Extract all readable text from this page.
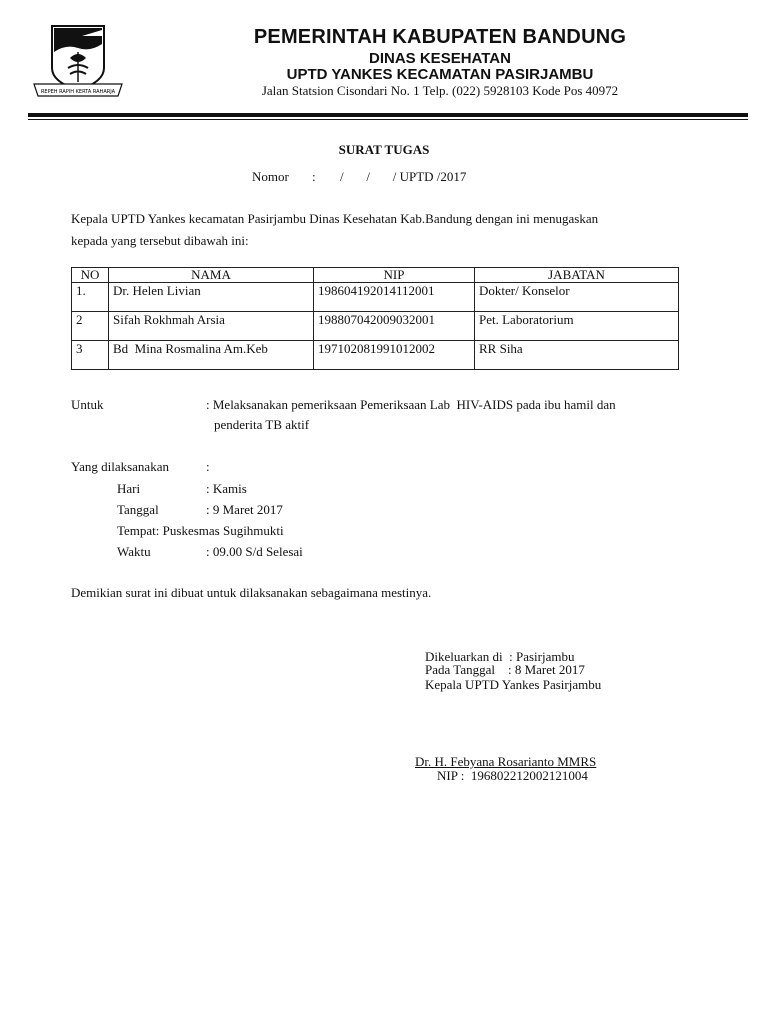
REPEH RAPIH KERTA RAHARJA
PEMERINTAH KABUPATEN BANDUNG
DINAS KESEHATAN
UPTD YANKES KECAMATAN PASIRJAMBU
Jalan Statsion Cisondari No. 1 Telp. (022) 5928103 Kode Pos 40972
SURAT TUGAS
Nomor : /       /       / UPTD /2017
Kepala UPTD Yankes kecamatan Pasirjambu Dinas Kesehatan Kab.Bandung dengan ini menugaskan
kepada yang tersebut dibawah ini:
NO	NAMA	NIP	JABATAN
1.	Dr. Helen Livian	198604192014112001	Dokter/ Konselor
2	Sifah Rokhmah Arsia	198807042009032001	Pet. Laboratorium
3	Bd  Mina Rosmalina Am.Keb	197102081991012002	RR Siha
Untuk	: Melaksanakan pemeriksaan Pemeriksaan Lab  HIV-AIDS pada ibu hamil dan
penderita TB aktif
Yang dilaksanakan	:
Hari	: Kamis
Tanggal	: 9 Maret 2017
Tempat: Puskesmas Sugihmukti
Waktu	: 09.00 S/d Selesai
Demikian surat ini dibuat untuk dilaksanakan sebagaimana mestinya.
Dikeluarkan di  : Pasirjambu
Pada Tanggal    : 8 Maret 2017
Kepala UPTD Yankes Pasirjambu
Dr. H. Febyana Rosarianto MMRS
NIP :  196802212002121004
